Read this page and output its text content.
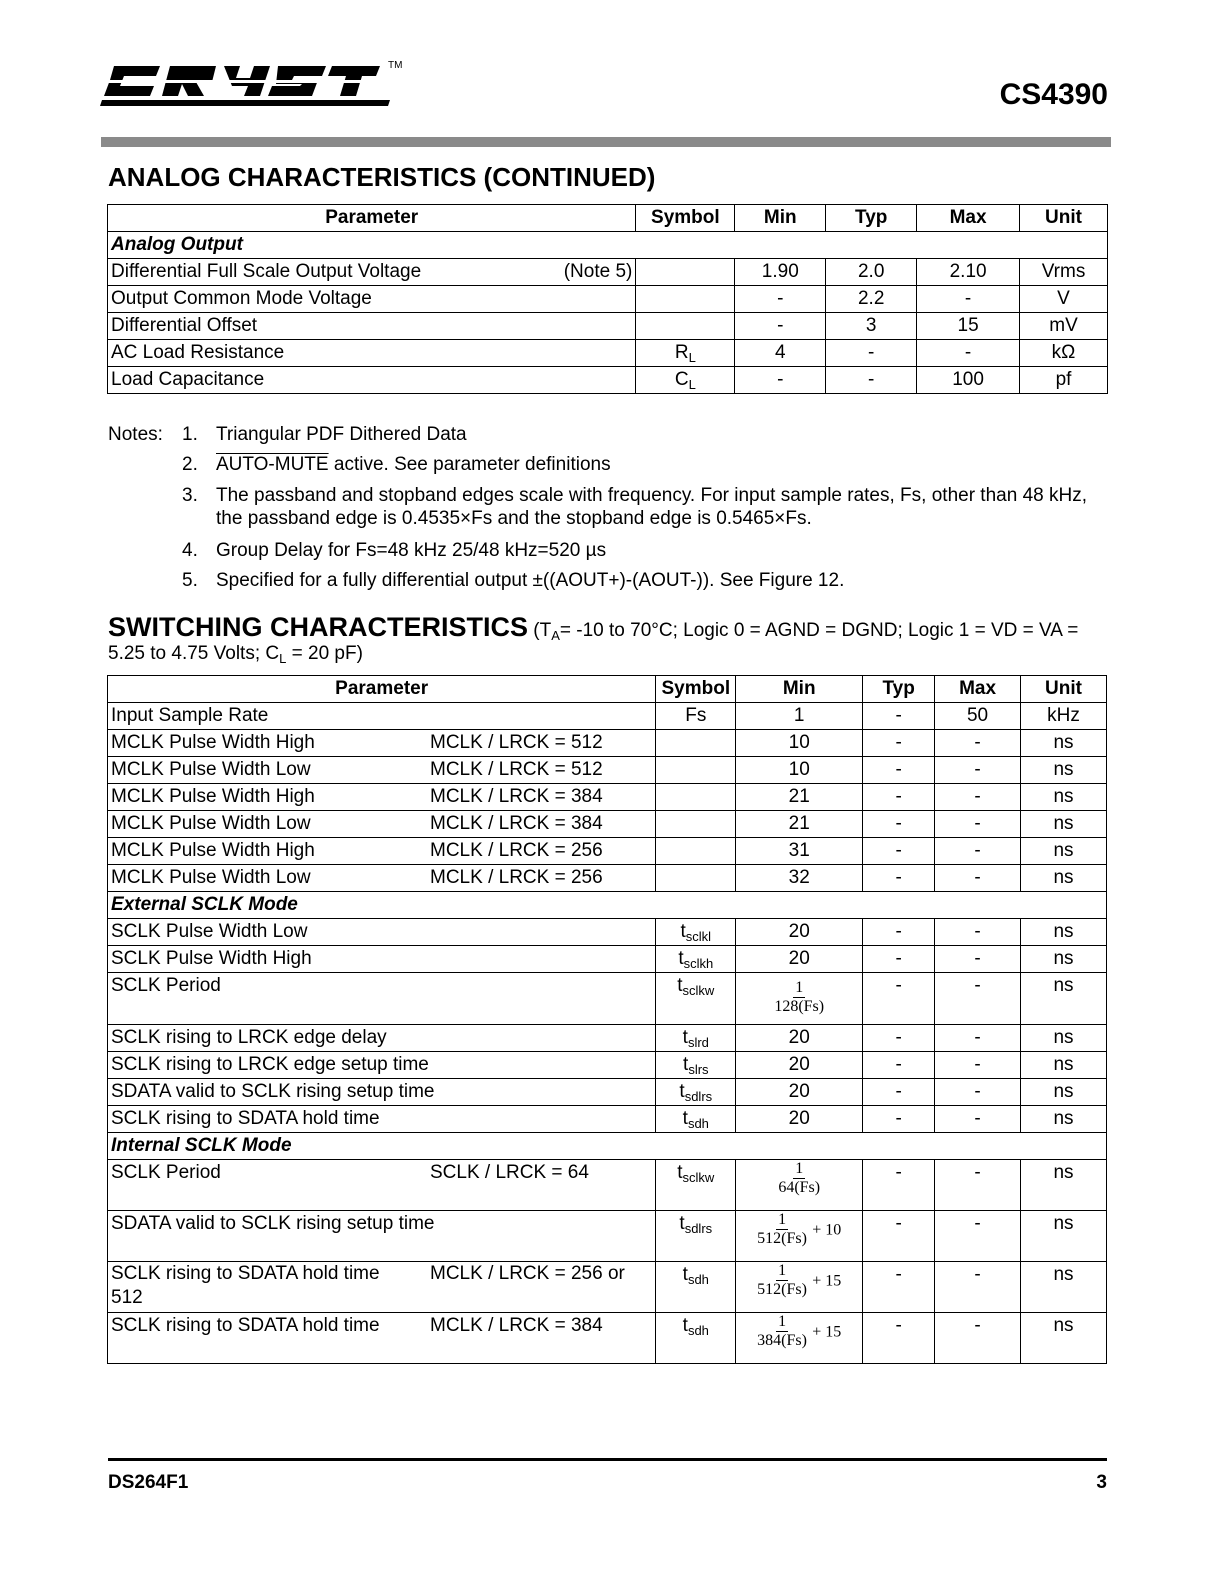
TM
CS4390
ANALOG CHARACTERISTICS (CONTINUED)
Parameter	Symbol	Min	Typ	Max	Unit
Analog Output					

Differential Full Scale Output Voltage (Note 5)		1.90	2.0	2.10	Vrms
Output Common Mode Voltage		-	2.2	-	V
Differential Offset		-	3	15	mV
AC Load Resistance	$R_L$	4	-	-	kΩ
Load Capacitance	$C_L$	-	-	100	pf
Notes:	1. Triangular PDF Dithered Data
2. AUTO-MUTE active. See parameter definitions
3. The passband and stopband edges scale with frequency. For input sample rates, Fs, other than 48 kHz, the passband edge is 0.4535×Fs and the stopband edge is 0.5465×Fs.
4. Group Delay for Fs=48 kHz 25/48 kHz=520 µs
5. Specified for a fully differential output ±((AOUT+)-(AOUT-)). See Figure 12.
SWITCHING CHARACTERISTICS ($T_A= -10$ to 70°C; Logic 0 = AGND = DGND; Logic 1 = VD = VA = 5.25 to 4.75 Volts; $C_L = 20$ pF)
Parameter	Symbol	Min	Typ	Max	Unit
Input Sample Rate	Fs	1	-	50	kHz
MCLK Pulse Width High MCLK / LRCK = 512		10	-	-	ns
MCLK Pulse Width Low MCLK / LRCK = 512		10	-	-	ns
MCLK Pulse Width High MCLK / LRCK = 384		21	-	-	ns
MCLK Pulse Width Low MCLK / LRCK = 384		21	-	-	ns
MCLK Pulse Width High MCLK / LRCK = 256		31	-	-	ns
MCLK Pulse Width Low MCLK / LRCK = 256		32	-	-	ns
External SCLK Mode					
SCLK Pulse Width Low	$t_{sclkl}$	20	-	-	ns
SCLK Pulse Width High	$t_{sclkh}$	20	-	-	ns
SCLK Period	$t_{sclkw}$	$\frac{1}{128(Fs)}$	-	-	ns
SCLK rising to LRCK edge delay	$t_{slrd}$	20	-	-	ns
SCLK rising to LRCK edge setup time	$t_{slrs}$	20	-	-	ns
SDATA valid to SCLK rising setup time	$t_{sdlrs}$	20	-	-	ns
SCLK rising to SDATA hold time	$t_{sdh}$	20	-	-	ns
Internal SCLK Mode					
SCLK Period SCLK / LRCK = 64	$t_{sclkw}$	$\frac{1}{64(Fs)}$	-	-	ns
SDATA valid to SCLK rising setup time	$t_{sdlrs}$	$\frac{1}{512(Fs)} + 10$	-	-	ns
SCLK rising to SDATA hold time MCLK / LRCK = 256 or

512	$t_{sdh}$	$\frac{1}{512(Fs)} + 15$	-	-	ns
SCLK rising to SDATA hold time MCLK / LRCK = 384	$t_{sdh}$	$\frac{1}{384(Fs)} + 15$	-	-	ns
DS264F1	3
